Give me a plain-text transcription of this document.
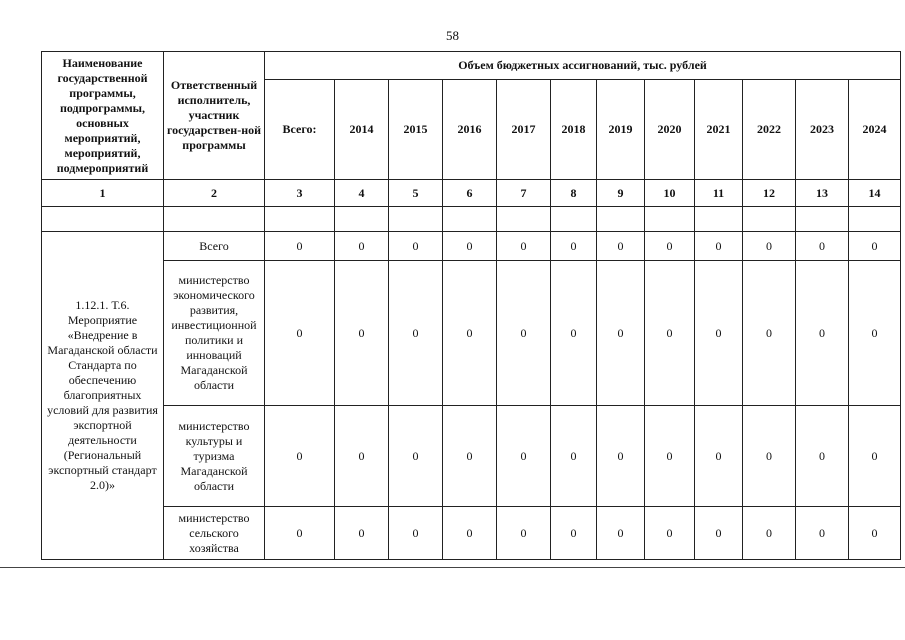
58
Наименование государственной программы, подпрограммы, основных мероприятий, мероприятий, подмероприятий	Ответственный исполнитель, участник государствен-ной программы	Объем бюджетных ассигнований, тыс. рублей											
		Всего:	2014	2015	2016	2017	2018	2019	2020	2021	2022	2023	2024
1	2	3	4	5	6	7	8	9	10	11	12	13	14

1.12.1. Т.6. Мероприятие «Внедрение в Магаданской области Стандарта по обеспечению благоприятных условий для развития экспортной деятельности (Региональный экспортный стандарт 2.0)»	Всего	0	0	0	0	0	0	0	0	0	0	0	0
	министерство экономического развития, инвестиционной политики и инноваций Магаданской области	0	0	0	0	0	0	0	0	0	0	0	0
	министерство культуры и туризма Магаданской области	0	0	0	0	0	0	0	0	0	0	0	0
	министерство сельского хозяйства	0	0	0	0	0	0	0	0	0	0	0	0
